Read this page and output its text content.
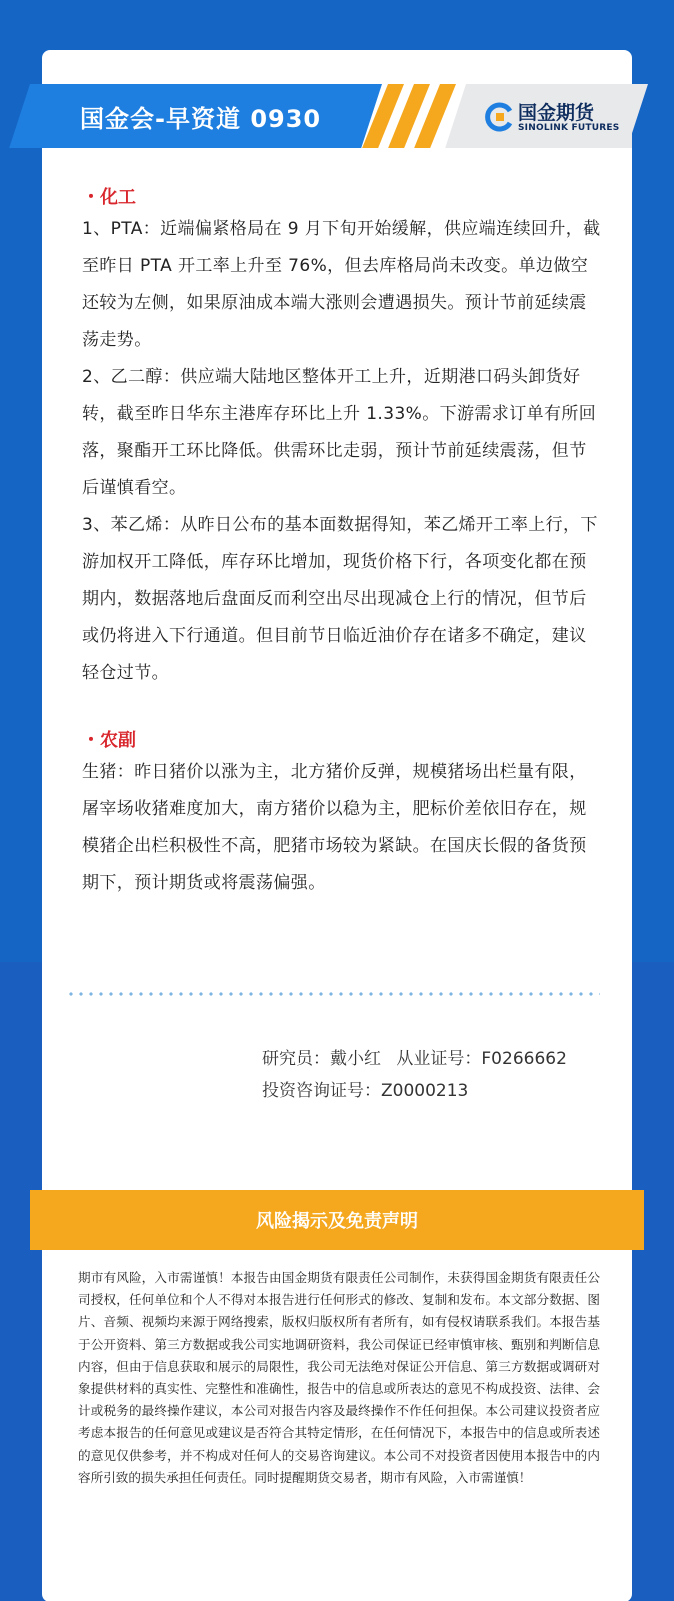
国金会-早资道 0930	国金期货
SINOLINK FUTURES
・化工
1、PTA：近端偏紧格局在 9 月下旬开始缓解，供应端连续回升，截至昨日 PTA 开工率上升至 76%，但去库格局尚未改变。单边做空还较为左侧，如果原油成本端大涨则会遭遇损失。预计节前延续震荡走势。
2、乙二醇：供应端大陆地区整体开工上升，近期港口码头卸货好转，截至昨日华东主港库存环比上升 1.33%。下游需求订单有所回落，聚酯开工环比降低。供需环比走弱，预计节前延续震荡，但节后谨慎看空。
3、苯乙烯：从昨日公布的基本面数据得知，苯乙烯开工率上行，下游加权开工降低，库存环比增加，现货价格下行，各项变化都在预期内，数据落地后盘面反而利空出尽出现减仓上行的情况，但节后或仍将进入下行通道。但目前节日临近油价存在诸多不确定，建议轻仓过节。
・农副
生猪：昨日猪价以涨为主，北方猪价反弹，规模猪场出栏量有限，屠宰场收猪难度加大，南方猪价以稳为主，肥标价差依旧存在，规模猪企出栏积极性不高，肥猪市场较为紧缺。在国庆长假的备货预期下，预计期货或将震荡偏强。
研究员：戴小红 从业证号：F0266662
投资咨询证号：Z0000213
风险揭示及免责声明
期市有风险，入市需谨慎！本报告由国金期货有限责任公司制作，未获得国金期货有限责任公司授权，任何单位和个人不得对本报告进行任何形式的修改、复制和发布。本文部分数据、图片、音频、视频均来源于网络搜索，版权归版权所有者所有，如有侵权请联系我们。本报告基于公开资料、第三方数据或我公司实地调研资料，我公司保证已经审慎审核、甄别和判断信息内容，但由于信息获取和展示的局限性，我公司无法绝对保证公开信息、第三方数据或调研对象提供材料的真实性、完整性和准确性，报告中的信息或所表达的意见不构成投资、法律、会计或税务的最终操作建议，本公司对报告内容及最终操作不作任何担保。本公司建议投资者应考虑本报告的任何意见或建议是否符合其特定情形，在任何情况下，本报告中的信息或所表述的意见仅供参考，并不构成对任何人的交易咨询建议。本公司不对投资者因使用本报告中的内容所引致的损失承担任何责任。同时提醒期货交易者，期市有风险，入市需谨慎！
